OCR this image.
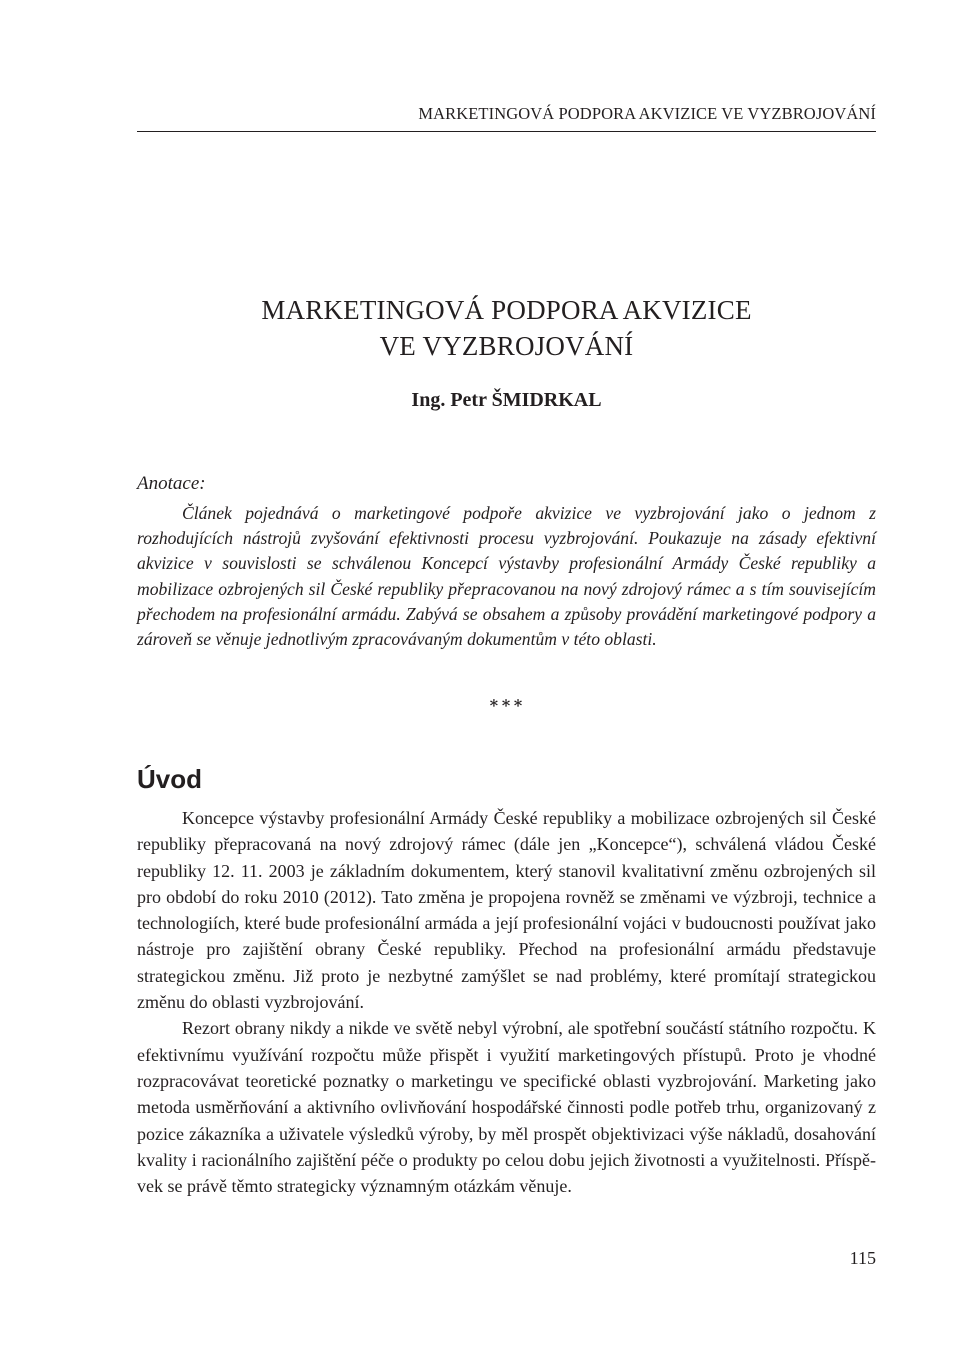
MARKETINGOVÁ PODPORA AKVIZICE VE VYZBROJOVÁNÍ
MARKETINGOVÁ PODPORA AKVIZICE
VE VYZBROJOVÁNÍ

Ing. Petr ŠMIDRKAL

Anotace:

Článek pojednává o marketingové podpoře akvizice ve vyzbrojování jako o jednom z rozhodujících nástrojů zvyšování efektivnosti procesu vyzbrojování. Poukazuje na zásady efektivní akvizice v souvislosti se schválenou Koncepcí výstavby profesionální Armády České republiky a mobilizace ozbrojených sil České republiky přepracovanou na nový zdrojový rámec a s tím souvisejícím přechodem na profesionální armádu. Zabývá se obsahem a způsoby provádění marketingové podpory a zároveň se věnuje jednotlivým zpracovávaným dokumentům v této oblasti.

∗∗∗
Úvod

Koncepce výstavby profesionální Armády České republiky a mobilizace ozbrojených sil České republiky přepracovaná na nový zdrojový rámec (dále jen „Koncepce“), schválená vládou České republiky 12. 11. 2003 je základním dokumentem, který stanovil kvalitativní změnu ozbrojených sil pro období do roku 2010 (2012). Tato změna je propojena rovněž se změnami ve výzbroji, technice a technologiích, které bude profesionální armáda a její profesionální vojáci v budoucnosti používat jako nástroje pro zajištění obrany České republiky. Přechod na profesionální armádu představuje strategickou změnu. Již proto je nezbytné zamýšlet se nad problémy, které promítají strategickou změnu do oblasti vyzbrojování.

Rezort obrany nikdy a nikde ve světě nebyl výrobní, ale spotřební součástí státního rozpočtu. K efektivnímu využívání rozpočtu může přispět i využití marketingových přístupů. Proto je vhodné rozpracovávat teoretické poznatky o marketingu ve specifické oblasti vyzbrojování. Marketing jako metoda usměrňování a aktivního ovlivňování hospodářské činnosti podle potřeb trhu, organizovaný z pozice zákazníka a uživatele výsledků výroby, by měl prospět objektivizaci výše nákladů, dosahování kvality i racionálního zajištění péče o produkty po celou dobu jejich životnosti a využitelnosti. Příspěvek se právě těmto strategicky významným otázkám věnuje.

115
